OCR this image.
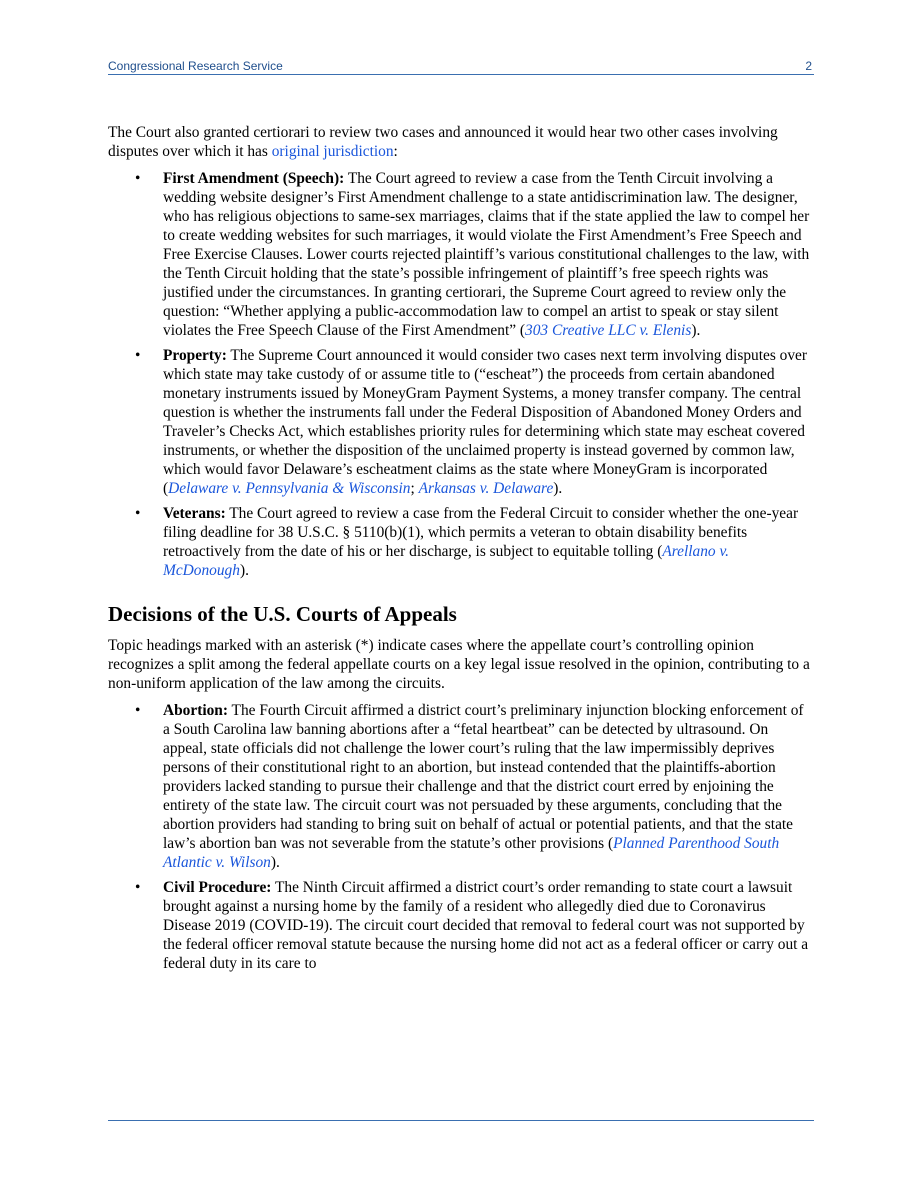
Congressional Research Service	2

The Court also granted certiorari to review two cases and announced it would hear two other cases involving disputes over which it has original jurisdiction:

• First Amendment (Speech): The Court agreed to review a case from the Tenth Circuit involving a wedding website designer’s First Amendment challenge to a state antidiscrimination law. The designer, who has religious objections to same-sex marriages, claims that if the state applied the law to compel her to create wedding websites for such marriages, it would violate the First Amendment’s Free Speech and Free Exercise Clauses. Lower courts rejected plaintiff’s various constitutional challenges to the law, with the Tenth Circuit holding that the state’s possible infringement of plaintiff’s free speech rights was justified under the circumstances. In granting certiorari, the Supreme Court agreed to review only the question: “Whether applying a public-accommodation law to compel an artist to speak or stay silent violates the Free Speech Clause of the First Amendment” (303 Creative LLC v. Elenis).
• Property: The Supreme Court announced it would consider two cases next term involving disputes over which state may take custody of or assume title to (“escheat”) the proceeds from certain abandoned monetary instruments issued by MoneyGram Payment Systems, a money transfer company. The central question is whether the instruments fall under the Federal Disposition of Abandoned Money Orders and Traveler’s Checks Act, which establishes priority rules for determining which state may escheat covered instruments, or whether the disposition of the unclaimed property is instead governed by common law, which would favor Delaware’s escheatment claims as the state where MoneyGram is incorporated (Delaware v. Pennsylvania & Wisconsin; Arkansas v. Delaware).
• Veterans: The Court agreed to review a case from the Federal Circuit to consider whether the one-year filing deadline for 38 U.S.C. § 5110(b)(1), which permits a veteran to obtain disability benefits retroactively from the date of his or her discharge, is subject to equitable tolling (Arellano v. McDonough).
Decisions of the U.S. Courts of Appeals

Topic headings marked with an asterisk (*) indicate cases where the appellate court’s controlling opinion recognizes a split among the federal appellate courts on a key legal issue resolved in the opinion, contributing to a non-uniform application of the law among the circuits.

• Abortion: The Fourth Circuit affirmed a district court’s preliminary injunction blocking enforcement of a South Carolina law banning abortions after a “fetal heartbeat” can be detected by ultrasound. On appeal, state officials did not challenge the lower court’s ruling that the law impermissibly deprives persons of their constitutional right to an abortion, but instead contended that the plaintiffs-abortion providers lacked standing to pursue their challenge and that the district court erred by enjoining the entirety of the state law. The circuit court was not persuaded by these arguments, concluding that the abortion providers had standing to bring suit on behalf of actual or potential patients, and that the state law’s abortion ban was not severable from the statute’s other provisions (Planned Parenthood South Atlantic v. Wilson).
• Civil Procedure: The Ninth Circuit affirmed a district court’s order remanding to state court a lawsuit brought against a nursing home by the family of a resident who allegedly died due to Coronavirus Disease 2019 (COVID-19). The circuit court decided that removal to federal court was not supported by the federal officer removal statute because the nursing home did not act as a federal officer or carry out a federal duty in its care to
